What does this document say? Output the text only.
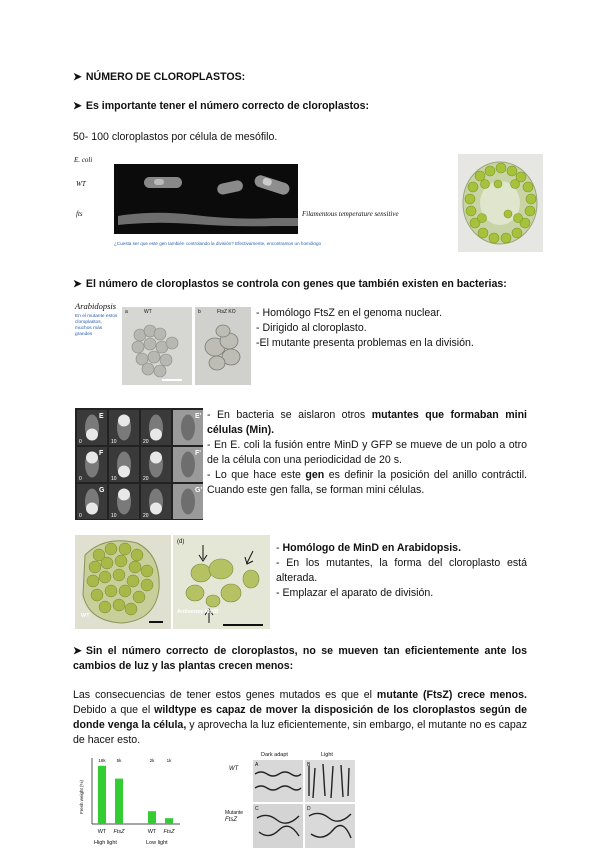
➤ NÚMERO DE CLOROPLASTOS:
➤ Es importante tener el número correcto de cloroplastos:
50- 100 cloroplastos por célula de mesófilo.
E. coli
WT
fts	Filamentous temperature sensitive
¿Cuesta ser que este gen también controlando la división? Efectivamente, encontramos un homólogo
➤ El número de cloroplastos se controla con genes que también existen en bacterias:
Arabidopsis
En el mutante estos cloroplastos, muchos más grandes
a	WT	b	FtsZ KO - Homólogo FtsZ en el genoma nuclear.
- Dirigido al cloroplasto.
-El mutante presenta problemas en la división.
0
E
10	20
E'
0
F
10	20
F'
0
G
10	20
G'
- En bacteria se aislaron otros mutantes que formaban mini células (Min).
- En E. coli la fusión entre MinD y GFP se mueve de un polo a otro de la célula con una periodicidad de 20 s.
- Lo que hace este gen es definir la posición del anillo contráctil. Cuando este gen falla, se forman mini células.
WT
(d)
Antisense MinD
- Homólogo de MinD en Arabidopsis.
- En los mutantes, la forma del cloroplasto está alterada.
- Emplazar el aparato de división.
➤ Sin el número correcto de cloroplastos, no se mueven tan eficientemente ante los cambios de luz y las plantas crecen menos:
Las consecuencias de tener estos genes mutados es que el mutante (FtsZ) crece menos. Debido a que el wildtype es capaz de mover la disposición de los cloroplastos según de donde venga la célula, y aprovecha la luz eficientemente, sin embargo, el mutante no es capaz de hacer esto.
Fresh weight (%)
18k
WT
5k
FtsZ
2k
WT
1k
FtsZ
High light	Low light
Dark adapt	Light
WT
Mutante
FtsZ
A	B
C	D
